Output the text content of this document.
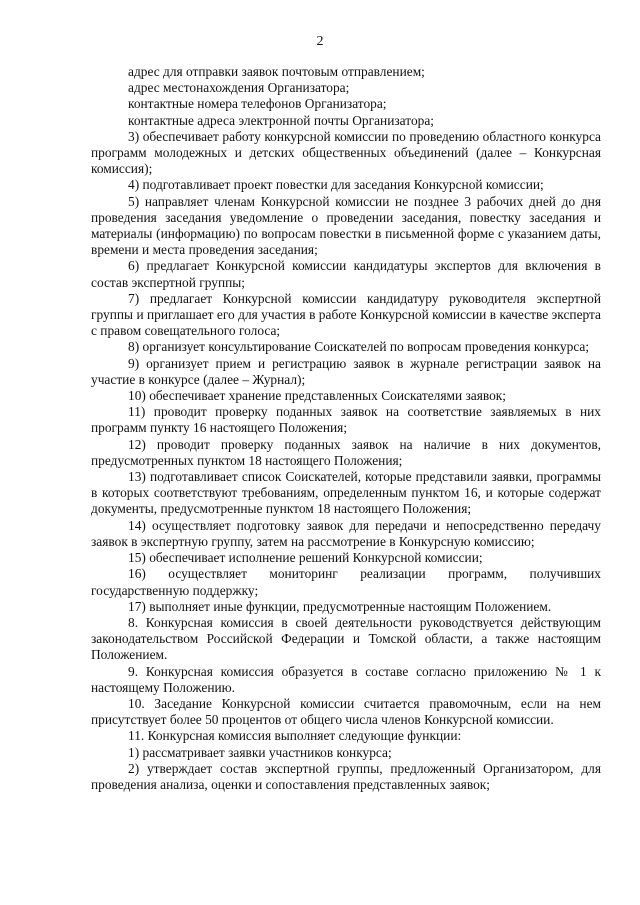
2

адрес для отправки заявок почтовым отправлением;

адрес местонахождения Организатора;

контактные номера телефонов Организатора;

контактные адреса электронной почты Организатора;

3) обеспечивает работу конкурсной комиссии по проведению областного конкурса программ молодежных и детских общественных объединений (далее – Конкурсная комиссия);

4) подготавливает проект повестки для заседания Конкурсной комиссии;

5) направляет членам Конкурсной комиссии не позднее 3 рабочих дней до дня проведения заседания уведомление о проведении заседания, повестку заседания и материалы (информацию) по вопросам повестки в письменной форме с указанием даты, времени и места проведения заседания;

6) предлагает Конкурсной комиссии кандидатуры экспертов для включения в состав экспертной группы;

7) предлагает Конкурсной комиссии кандидатуру руководителя экспертной группы и приглашает его для участия в работе Конкурсной комиссии в качестве эксперта с правом совещательного голоса;

8) организует консультирование Соискателей по вопросам проведения конкурса;

9) организует прием и регистрацию заявок в журнале регистрации заявок на участие в конкурсе (далее – Журнал);

10) обеспечивает хранение представленных Соискателями заявок;

11) проводит проверку поданных заявок на соответствие заявляемых в них программ пункту 16 настоящего Положения;

12) проводит проверку поданных заявок на наличие в них документов, предусмотренных пунктом 18 настоящего Положения;

13) подготавливает список Соискателей, которые представили заявки, программы в которых соответствуют требованиям, определенным пунктом 16, и которые содержат документы, предусмотренные пунктом 18 настоящего Положения;

14) осуществляет подготовку заявок для передачи и непосредственно передачу заявок в экспертную группу, затем на рассмотрение в Конкурсную комиссию;

15) обеспечивает исполнение решений Конкурсной комиссии;

16) осуществляет мониторинг реализации программ, получивших государственную поддержку;

17) выполняет иные функции, предусмотренные настоящим Положением.

8. Конкурсная комиссия в своей деятельности руководствуется действующим законодательством Российской Федерации и Томской области, а также настоящим Положением.

9. Конкурсная комиссия образуется в составе согласно приложению № 1 к настоящему Положению.

10. Заседание Конкурсной комиссии считается правомочным, если на нем присутствует более 50 процентов от общего числа членов Конкурсной комиссии.

11. Конкурсная комиссия выполняет следующие функции:

1) рассматривает заявки участников конкурса;

2) утверждает состав экспертной группы, предложенный Организатором, для проведения анализа, оценки и сопоставления представленных заявок;
